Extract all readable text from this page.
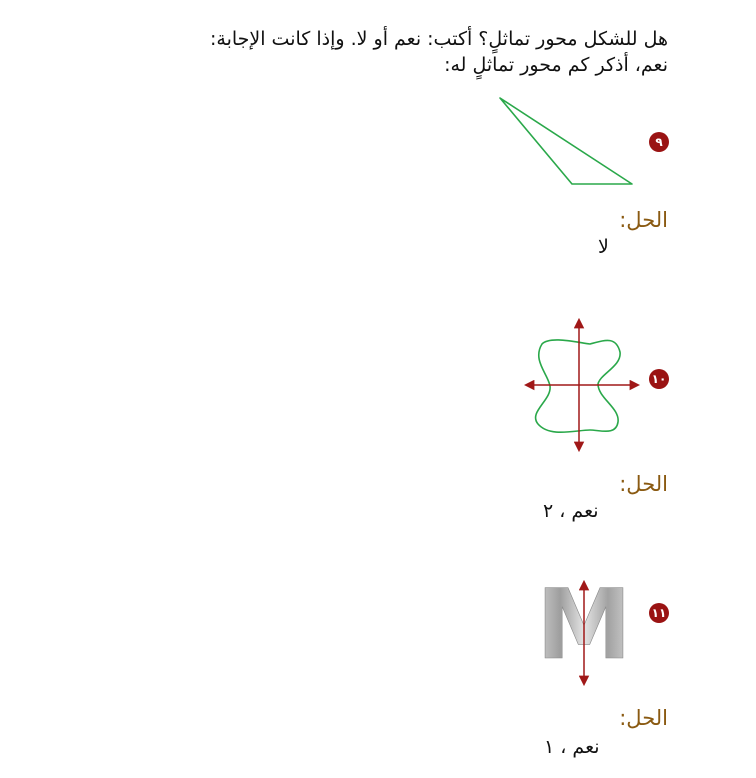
هل للشكل محور تماثلٍ؟ أكتب: نعم أو لا. وإذا كانت الإجابة:
نعم، أذكر كم محور تماثلٍ له:
٩
الحل:
لا
١٠
الحل:
نعم ، ٢
١١
M
الحل:
نعم ، ١
